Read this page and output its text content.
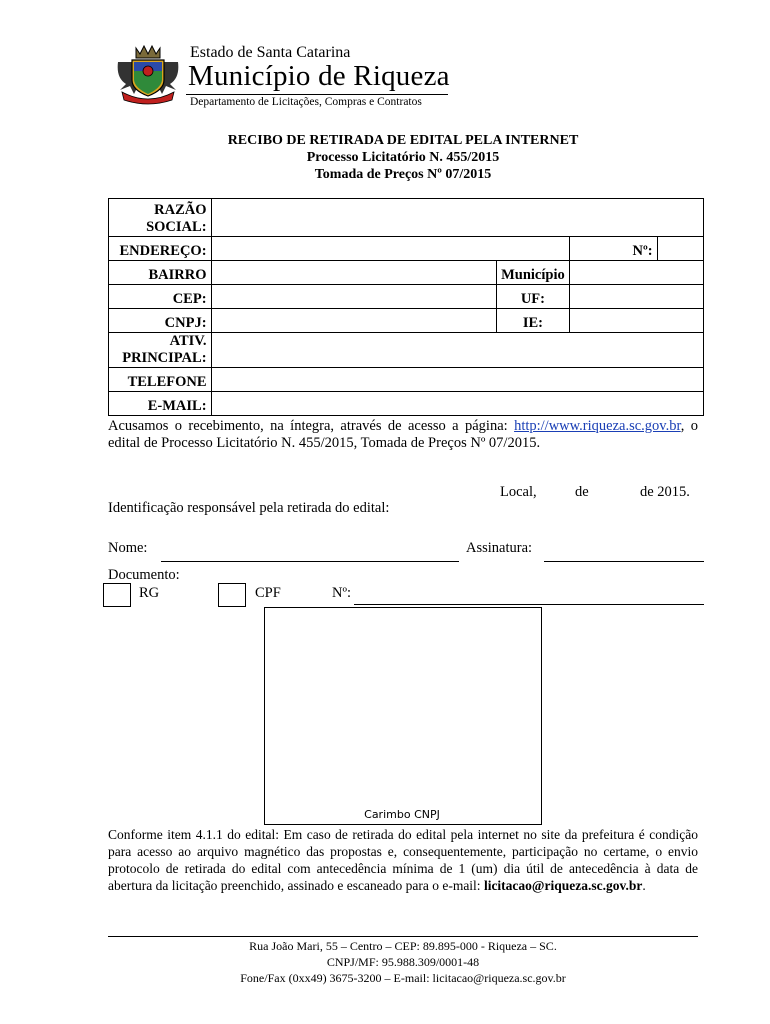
Estado de Santa Catarina
Município de Riqueza
Departamento de Licitações, Compras e Contratos
RECIBO DE RETIRADA DE EDITAL PELA INTERNET
Processo Licitatório N. 455/2015
Tomada de Preços Nº 07/2015
RAZÃO
SOCIAL:				
ENDEREÇO:			Nº:	
BAIRRO		Município		
CEP:		UF:		
CNPJ:		IE:		
ATIV.
PRINCIPAL:				
TELEFONE				
E-MAIL:				
Acusamos o recebimento, na íntegra, através de acesso a página: http://www.riqueza.sc.gov.br, o edital de Processo Licitatório N. 455/2015, Tomada de Preços Nº 07/2015.
Local,	de	de 2015.
Identificação responsável pela retirada do edital:
Nome:	Assinatura:
Documento:
RG	CPF	Nº:
Carimbo CNPJ
Conforme item 4.1.1 do edital: Em caso de retirada do edital pela internet no site da prefeitura é condição para acesso ao arquivo magnético das propostas e, consequentemente, participação no certame, o envio protocolo de retirada do edital com antecedência mínima de 1 (um) dia útil de antecedência à data de abertura da licitação preenchido, assinado e escaneado para o e-mail: licitacao@riqueza.sc.gov.br.
Rua João Mari, 55 – Centro – CEP: 89.895-000 - Riqueza – SC.
CNPJ/MF: 95.988.309/0001-48
Fone/Fax (0xx49) 3675-3200 – E-mail: licitacao@riqueza.sc.gov.br
